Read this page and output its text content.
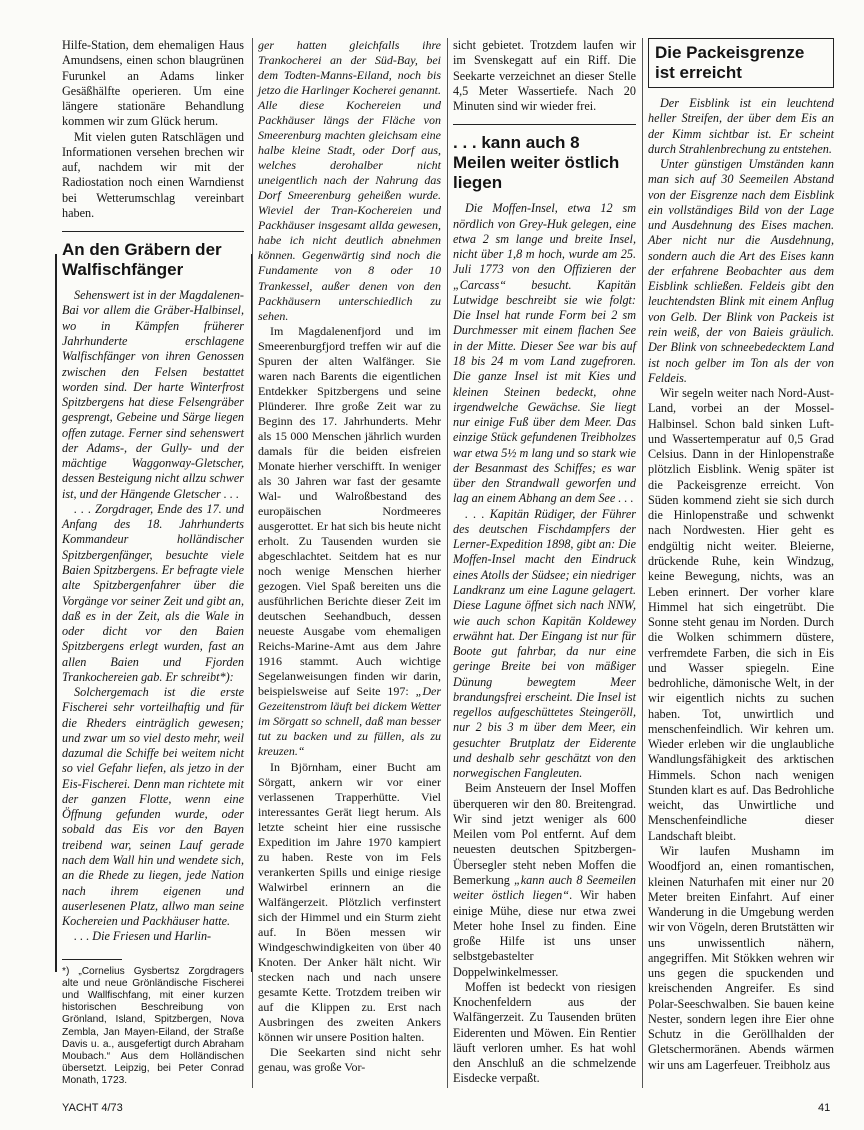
Hilfe-Station, dem ehemaligen Haus Amundsens, einen schon blaugrünen Furunkel an Adams linker Gesäßhälfte operieren. Um eine längere stationäre Behandlung kommen wir zum Glück herum.

Mit vielen guten Ratschlägen und Informationen versehen brechen wir auf, nachdem wir mit der Radiostation noch einen Warndienst bei Wetterumschlag vereinbart haben.

An den Gräbern der Walfischfänger

Sehenswert ist in der Magdalenen-Bai vor allem die Gräber-Halbinsel, wo in Kämpfen früherer Jahrhunderte erschlagene Walfischfänger von ihren Genossen zwischen den Felsen bestattet worden sind. Der harte Winterfrost Spitzbergens hat diese Felsengräber gesprengt, Gebeine und Särge liegen offen zutage. Ferner sind sehenswert der Adams-, der Gully- und der mächtige Waggonway-Gletscher, dessen Besteigung nicht allzu schwer ist, und der Hängende Gletscher . . .

. . . Zorgdrager, Ende des 17. und Anfang des 18. Jahrhunderts Kommandeur holländischer Spitzbergenfänger, besuchte viele Baien Spitzbergens. Er befragte viele alte Spitzbergenfahrer über die Vorgänge vor seiner Zeit und gibt an, daß es in der Zeit, als die Wale in oder dicht vor den Baien Spitzbergens erlegt wurden, fast an allen Baien und Fjorden Trankochereien gab. Er schreibt*):

Solchergemach ist die erste Fischerei sehr vorteilhaftig und für die Rheders einträglich gewesen; und zwar um so viel desto mehr, weil dazumal die Schiffe bei weitem nicht so viel Gefahr liefen, als jetzo in der Eis-Fischerei. Denn man richtete mit der ganzen Flotte, wenn eine Öffnung gefunden wurde, oder sobald das Eis vor den Bayen treibend war, seinen Lauf gerade nach dem Wall hin und wendete sich, an die Rhede zu liegen, jede Nation nach ihrem eigenen und auserlesenen Platz, allwo man seine Kochereien und Packhäuser hatte.

. . . Die Friesen und Harlin-

*) „Cornelius Gysbertsz Zorgdragers alte und neue Grönländische Fischerei und Wallfischfang, mit einer kurzen historischen Beschreibung von Grönland, Island, Spitzbergen, Nova Zembla, Jan Mayen-Eiland, der Straße Davis u. a., ausgefertigt durch Abraham Moubach.“ Aus dem Holländischen übersetzt. Leipzig, bei Peter Conrad Monath, 1723.

ger hatten gleichfalls ihre Trankocherei an der Süd-Bay, bei dem Todten-Manns-Eiland, noch bis jetzo die Harlinger Kocherei genannt. Alle diese Kochereien und Packhäuser längs der Fläche von Smeerenburg machten gleichsam eine halbe kleine Stadt, oder Dorf aus, welches derohalber nicht uneigentlich nach der Nahrung das Dorf Smeerenburg geheißen wurde. Wieviel der Tran-Kochereien und Packhäuser insgesamt allda gewesen, habe ich nicht deutlich abnehmen können. Gegenwärtig sind noch die Fundamente von 8 oder 10 Trankessel, außer denen von den Packhäusern unterschiedlich zu sehen.

Im Magdalenenfjord und im Smeerenburgfjord treffen wir auf die Spuren der alten Walfänger. Sie waren nach Barents die eigentlichen Entdekker Spitzbergens und seine Plünderer. Ihre große Zeit war zu Beginn des 17. Jahrhunderts. Mehr als 15 000 Menschen jährlich wurden damals für die beiden eisfreien Monate hierher verschifft. In weniger als 30 Jahren war fast der gesamte Wal- und Walroßbestand des europäischen Nordmeeres ausgerottet. Er hat sich bis heute nicht erholt. Zu Tausenden wurden sie abgeschlachtet. Seitdem hat es nur noch wenige Menschen hierher gezogen. Viel Spaß bereiten uns die ausführlichen Berichte dieser Zeit im deutschen Seehandbuch, dessen neueste Ausgabe vom ehemaligen Reichs-Marine-Amt aus dem Jahre 1916 stammt. Auch wichtige Segelanweisungen finden wir darin, beispielsweise auf Seite 197: „Der Gezeitenstrom läuft bei dickem Wetter im Sörgatt so schnell, daß man besser tut zu backen und zu füllen, als zu kreuzen.“

In Björnham, einer Bucht am Sörgatt, ankern wir vor einer verlassenen Trapperhütte. Viel interessantes Gerät liegt herum. Als letzte scheint hier eine russische Expedition im Jahre 1970 kampiert zu haben. Reste von im Fels verankerten Spills und einige riesige Walwirbel erinnern an die Walfängerzeit. Plötzlich verfinstert sich der Himmel und ein Sturm zieht auf. In Böen messen wir Windgeschwindigkeiten von über 40 Knoten. Der Anker hält nicht. Wir stecken nach und nach unsere gesamte Kette. Trotzdem treiben wir auf die Klippen zu. Erst nach Ausbringen des zweiten Ankers können wir unsere Position halten.

Die Seekarten sind nicht sehr genau, was große Vor-

sicht gebietet. Trotzdem laufen wir im Svenskegatt auf ein Riff. Die Seekarte verzeichnet an dieser Stelle 4,5 Meter Wassertiefe. Nach 20 Minuten sind wir wieder frei.

. . . kann auch 8 Meilen weiter östlich liegen

Die Moffen-Insel, etwa 12 sm nördlich von Grey-Huk gelegen, eine etwa 2 sm lange und breite Insel, nicht über 1,8 m hoch, wurde am 25. Juli 1773 von den Offizieren der „Carcass“ besucht. Kapitän Lutwidge beschreibt sie wie folgt: Die Insel hat runde Form bei 2 sm Durchmesser mit einem flachen See in der Mitte. Dieser See war bis auf 18 bis 24 m vom Land zugefroren. Die ganze Insel ist mit Kies und kleinen Steinen bedeckt, ohne irgendwelche Gewächse. Sie liegt nur einige Fuß über dem Meer. Das einzige Stück gefundenen Treibholzes war etwa 5½ m lang und so stark wie der Besanmast des Schiffes; es war über den Strandwall geworfen und lag an einem Abhang an dem See . . .

. . . Kapitän Rüdiger, der Führer des deutschen Fischdampfers der Lerner-Expedition 1898, gibt an: Die Moffen-Insel macht den Eindruck eines Atolls der Südsee; ein niedriger Landkranz um eine Lagune gelagert. Diese Lagune öffnet sich nach NNW, wie auch schon Kapitän Koldewey erwähnt hat. Der Eingang ist nur für Boote gut fahrbar, da nur eine geringe Breite bei von mäßiger Dünung bewegtem Meer brandungsfrei erscheint. Die Insel ist regellos aufgeschüttetes Steingeröll, nur 2 bis 3 m über dem Meer, ein gesuchter Brutplatz der Eiderente und deshalb sehr geschätzt von den norwegischen Fangleuten.

Beim Ansteuern der Insel Moffen überqueren wir den 80. Breitengrad. Wir sind jetzt weniger als 600 Meilen vom Pol entfernt. Auf dem neuesten deutschen Spitzbergen-Übersegler steht neben Moffen die Bemerkung „kann auch 8 Seemeilen weiter östlich liegen“. Wir haben einige Mühe, diese nur etwa zwei Meter hohe Insel zu finden. Eine große Hilfe ist uns unser selbstgebastelter Doppelwinkelmesser.

Moffen ist bedeckt von riesigen Knochenfeldern aus der Walfängerzeit. Zu Tausenden brüten Eiderenten und Möwen. Ein Rentier läuft verloren umher. Es hat wohl den Anschluß an die schmelzende Eisdecke verpaßt.

Die Packeisgrenze ist erreicht

Der Eisblink ist ein leuchtend heller Streifen, der über dem Eis an der Kimm sichtbar ist. Er scheint durch Strahlenbrechung zu entstehen.

Unter günstigen Umständen kann man sich auf 30 Seemeilen Abstand von der Eisgrenze nach dem Eisblink ein vollständiges Bild von der Lage und Ausdehnung des Eises machen. Aber nicht nur die Ausdehnung, sondern auch die Art des Eises kann der erfahrene Beobachter aus dem Eisblink schließen. Feldeis gibt den leuchtendsten Blink mit einem Anflug von Gelb. Der Blink von Packeis ist rein weiß, der von Baieis gräulich. Der Blink von schneebedecktem Land ist noch gelber im Ton als der von Feldeis.

Wir segeln weiter nach Nord-Aust-Land, vorbei an der Mossel-Halbinsel. Schon bald sinken Luft- und Wassertemperatur auf 0,5 Grad Celsius. Dann in der Hinlopenstraße plötzlich Eisblink. Wenig später ist die Packeisgrenze erreicht. Von Süden kommend zieht sie sich durch die Hinlopenstraße und schwenkt nach Nordwesten. Hier geht es endgültig nicht weiter. Bleierne, drückende Ruhe, kein Windzug, keine Bewegung, nichts, was an Leben erinnert. Der vorher klare Himmel hat sich eingetrübt. Die Sonne steht genau im Norden. Durch die Wolken schimmern düstere, verfremdete Farben, die sich in Eis und Wasser spiegeln. Eine bedrohliche, dämonische Welt, in der wir eigentlich nichts zu suchen haben. Tot, unwirtlich und menschenfeindlich. Wir kehren um. Wieder erleben wir die unglaubliche Wandlungsfähigkeit des arktischen Himmels. Schon nach wenigen Stunden klart es auf. Das Bedrohliche weicht, das Unwirtliche und Menschenfeindliche dieser Landschaft bleibt.

Wir laufen Mushamn im Woodfjord an, einen romantischen, kleinen Naturhafen mit einer nur 20 Meter breiten Einfahrt. Auf einer Wanderung in die Umgebung werden wir von Vögeln, deren Brutstätten wir uns unwissentlich nähern, angegriffen. Mit Stökken wehren wir uns gegen die spuckenden und kreischenden Angreifer. Es sind Polar-Seeschwalben. Sie bauen keine Nester, sondern legen ihre Eier ohne Schutz in die Geröllhalden der Gletschermoränen. Abends wärmen wir uns am Lagerfeuer. Treibholz aus

YACHT 4/73	41
